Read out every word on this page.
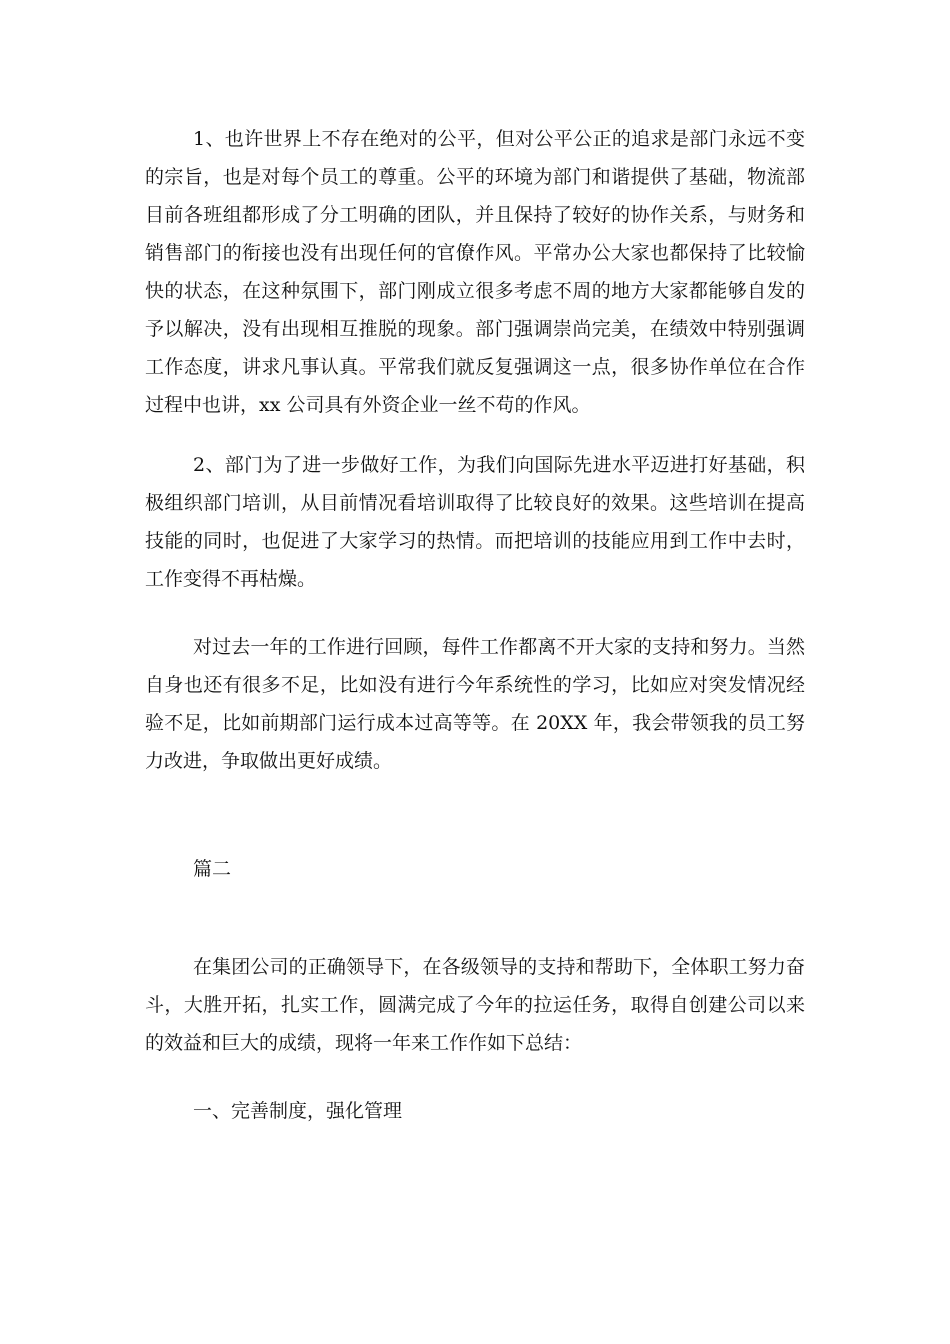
1、也许世界上不存在绝对的公平，但对公平公正的追求是部门永远不变的宗旨，也是对每个员工的尊重。公平的环境为部门和谐提供了基础，物流部目前各班组都形成了分工明确的团队，并且保持了较好的协作关系，与财务和销售部门的衔接也没有出现任何的官僚作风。平常办公大家也都保持了比较愉快的状态，在这种氛围下，部门刚成立很多考虑不周的地方大家都能够自发的予以解决，没有出现相互推脱的现象。部门强调崇尚完美，在绩效中特别强调工作态度，讲求凡事认真。平常我们就反复强调这一点，很多协作单位在合作过程中也讲，xx 公司具有外资企业一丝不苟的作风。

2、部门为了进一步做好工作，为我们向国际先进水平迈进打好基础，积极组织部门培训，从目前情况看培训取得了比较良好的效果。这些培训在提高技能的同时，也促进了大家学习的热情。而把培训的技能应用到工作中去时，工作变得不再枯燥。

对过去一年的工作进行回顾，每件工作都离不开大家的支持和努力。当然自身也还有很多不足，比如没有进行今年系统性的学习，比如应对突发情况经验不足，比如前期部门运行成本过高等等。在 20XX 年，我会带领我的员工努力改进，争取做出更好成绩。

篇二

在集团公司的正确领导下，在各级领导的支持和帮助下，全体职工努力奋斗，大胜开拓，扎实工作，圆满完成了今年的拉运任务，取得自创建公司以来的效益和巨大的成绩，现将一年来工作作如下总结：

一、完善制度，强化管理
